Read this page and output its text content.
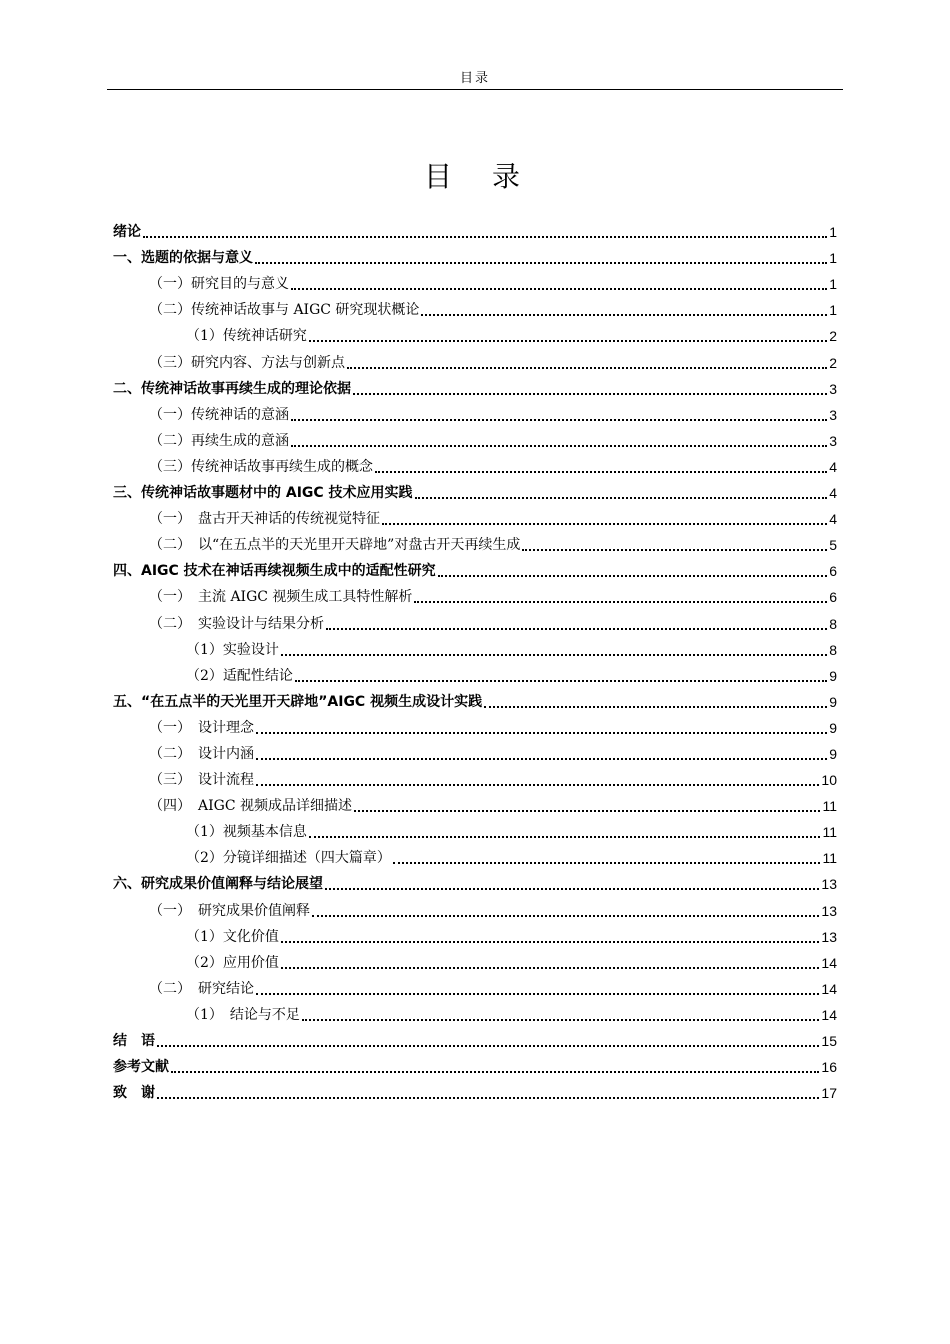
目录
目　录
绪论	1
一、选题的依据与意义	1
（一）研究目的与意义	1
（二）传统神话故事与 AIGC 研究现状概论	1
（1）传统神话研究	2
（三）研究内容、方法与创新点	2
二、传统神话故事再续生成的理论依据	3
（一）传统神话的意涵	3
（二）再续生成的意涵	3
（三）传统神话故事再续生成的概念	4
三、传统神话故事题材中的 AIGC 技术应用实践	4
（一）　盘古开天神话的传统视觉特征	4
（二）　以“在五点半的天光里开天辟地”对盘古开天再续生成	5
四、AIGC 技术在神话再续视频生成中的适配性研究	6
（一）　主流 AIGC 视频生成工具特性解析	6
（二）　实验设计与结果分析	8
（1）实验设计	8
（2）适配性结论	9
五、“在五点半的天光里开天辟地”AIGC 视频生成设计实践	9
（一）　设计理念	9
（二）　设计内涵	9
（三）　设计流程	10
（四）　AIGC 视频成品详细描述	11
（1）视频基本信息	11
（2）分镜详细描述（四大篇章）	11
六、研究成果价值阐释与结论展望	13
（一）　研究成果价值阐释	13
（1）文化价值	13
（2）应用价值	14
（二）　研究结论	14
（1）　结论与不足	14
结　语	15
参考文献	16
致　谢	17
